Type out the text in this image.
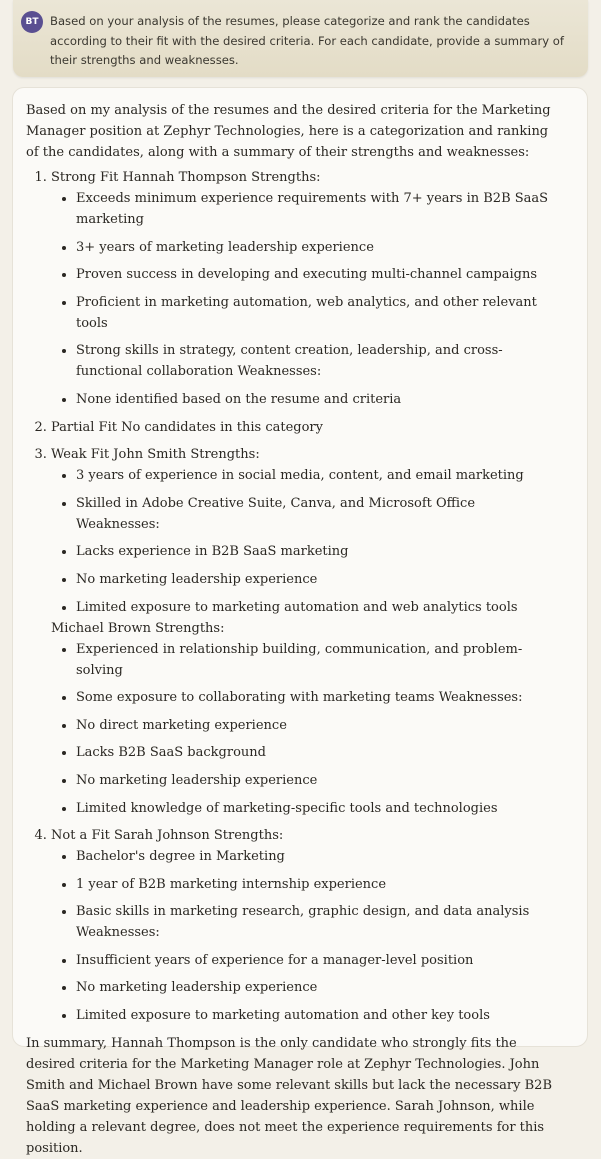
BT Based on your analysis of the resumes, please categorize and rank the candidates according to their fit with the desired criteria. For each candidate, provide a summary of their strengths and weaknesses.

Based on my analysis of the resumes and the desired criteria for the Marketing Manager position at Zephyr Technologies, here is a categorization and ranking of the candidates, along with a summary of their strengths and weaknesses:

1. Strong Fit Hannah Thompson Strengths:
• Exceeds minimum experience requirements with 7+ years in B2B SaaS marketing
• 3+ years of marketing leadership experience
• Proven success in developing and executing multi-channel campaigns
• Proficient in marketing automation, web analytics, and other relevant tools
• Strong skills in strategy, content creation, leadership, and cross-functional collaboration Weaknesses:
• None identified based on the resume and criteria
2. Partial Fit No candidates in this category
3. Weak Fit John Smith Strengths:
• 3 years of experience in social media, content, and email marketing
• Skilled in Adobe Creative Suite, Canva, and Microsoft Office Weaknesses:
• Lacks experience in B2B SaaS marketing
• No marketing leadership experience
• Limited exposure to marketing automation and web analytics tools
Michael Brown Strengths:
• Experienced in relationship building, communication, and problem-solving
• Some exposure to collaborating with marketing teams Weaknesses:
• No direct marketing experience
• Lacks B2B SaaS background
• No marketing leadership experience
• Limited knowledge of marketing-specific tools and technologies
4. Not a Fit Sarah Johnson Strengths:
• Bachelor's degree in Marketing
• 1 year of B2B marketing internship experience
• Basic skills in marketing research, graphic design, and data analysis Weaknesses:
• Insufficient years of experience for a manager-level position
• No marketing leadership experience
• Limited exposure to marketing automation and other key tools

In summary, Hannah Thompson is the only candidate who strongly fits the desired criteria for the Marketing Manager role at Zephyr Technologies. John Smith and Michael Brown have some relevant skills but lack the necessary B2B SaaS marketing experience and leadership experience. Sarah Johnson, while holding a relevant degree, does not meet the experience requirements for this position.
